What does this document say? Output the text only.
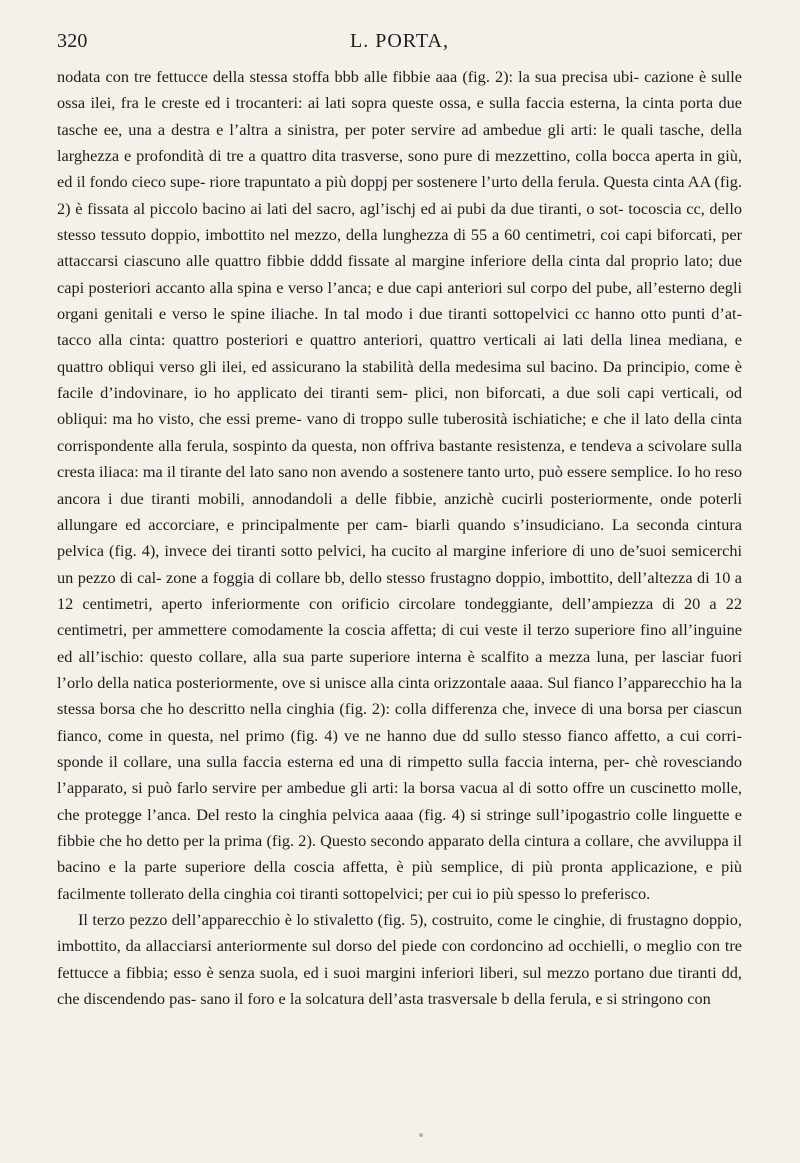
320	L. PORTA,

nodata con tre fettucce della stessa stoffa bbb alle fibbie aaa (fig. 2): la sua precisa ubi- cazione è sulle ossa ilei, fra le creste ed i trocanteri: ai lati sopra queste ossa, e sulla faccia esterna, la cinta porta due tasche ee, una a destra e l’altra a sinistra, per poter servire ad ambedue gli arti: le quali tasche, della larghezza e profondità di tre a quattro dita trasverse, sono pure di mezzettino, colla bocca aperta in giù, ed il fondo cieco supe- riore trapuntato a più doppj per sostenere l’urto della ferula. Questa cinta AA (fig. 2) è fissata al piccolo bacino ai lati del sacro, agl’ischj ed ai pubi da due tiranti, o sot- tocoscia cc, dello stesso tessuto doppio, imbottito nel mezzo, della lunghezza di 55 a 60 centimetri, coi capi biforcati, per attaccarsi ciascuno alle quattro fibbie dddd fissate al margine inferiore della cinta dal proprio lato; due capi posteriori accanto alla spina e verso l’anca; e due capi anteriori sul corpo del pube, all’esterno degli organi genitali e verso le spine iliache. In tal modo i due tiranti sottopelvici cc hanno otto punti d’at- tacco alla cinta: quattro posteriori e quattro anteriori, quattro verticali ai lati della linea mediana, e quattro obliqui verso gli ilei, ed assicurano la stabilità della medesima sul bacino. Da principio, come è facile d’indovinare, io ho applicato dei tiranti sem- plici, non biforcati, a due soli capi verticali, od obliqui: ma ho visto, che essi preme- vano di troppo sulle tuberosità ischiatiche; e che il lato della cinta corrispondente alla ferula, sospinto da questa, non offriva bastante resistenza, e tendeva a scivolare sulla cresta iliaca: ma il tirante del lato sano non avendo a sostenere tanto urto, può essere semplice. Io ho reso ancora i due tiranti mobili, annodandoli a delle fibbie, anzichè cucirli posteriormente, onde poterli allungare ed accorciare, e principalmente per cam- biarli quando s’insudiciano. La seconda cintura pelvica (fig. 4), invece dei tiranti sotto pelvici, ha cucito al margine inferiore di uno de’suoi semicerchi un pezzo di cal- zone a foggia di collare bb, dello stesso frustagno doppio, imbottito, dell’altezza di 10 a 12 centimetri, aperto inferiormente con orificio circolare tondeggiante, dell’ampiezza di 20 a 22 centimetri, per ammettere comodamente la coscia affetta; di cui veste il terzo superiore fino all’inguine ed all’ischio: questo collare, alla sua parte superiore interna è scalfito a mezza luna, per lasciar fuori l’orlo della natica posteriormente, ove si unisce alla cinta orizzontale aaaa. Sul fianco l’apparecchio ha la stessa borsa che ho descritto nella cinghia (fig. 2): colla differenza che, invece di una borsa per ciascun fianco, come in questa, nel primo (fig. 4) ve ne hanno due dd sullo stesso fianco affetto, a cui corri- sponde il collare, una sulla faccia esterna ed una di rimpetto sulla faccia interna, per- chè rovesciando l’apparato, si può farlo servire per ambedue gli arti: la borsa vacua al di sotto offre un cuscinetto molle, che protegge l’anca. Del resto la cinghia pelvica aaaa (fig. 4) si stringe sull’ipogastrio colle linguette e fibbie che ho detto per la prima (fig. 2). Questo secondo apparato della cintura a collare, che avviluppa il bacino e la parte superiore della coscia affetta, è più semplice, di più pronta applicazione, e più facilmente tollerato della cinghia coi tiranti sottopelvici; per cui io più spesso lo preferisco.

Il terzo pezzo dell’apparecchio è lo stivaletto (fig. 5), costruito, come le cinghie, di frustagno doppio, imbottito, da allacciarsi anteriormente sul dorso del piede con cordoncino ad occhielli, o meglio con tre fettucce a fibbia; esso è senza suola, ed i suoi margini inferiori liberi, sul mezzo portano due tiranti dd, che discendendo pas- sano il foro e la solcatura dell’asta trasversale b della ferula, e si stringono con
